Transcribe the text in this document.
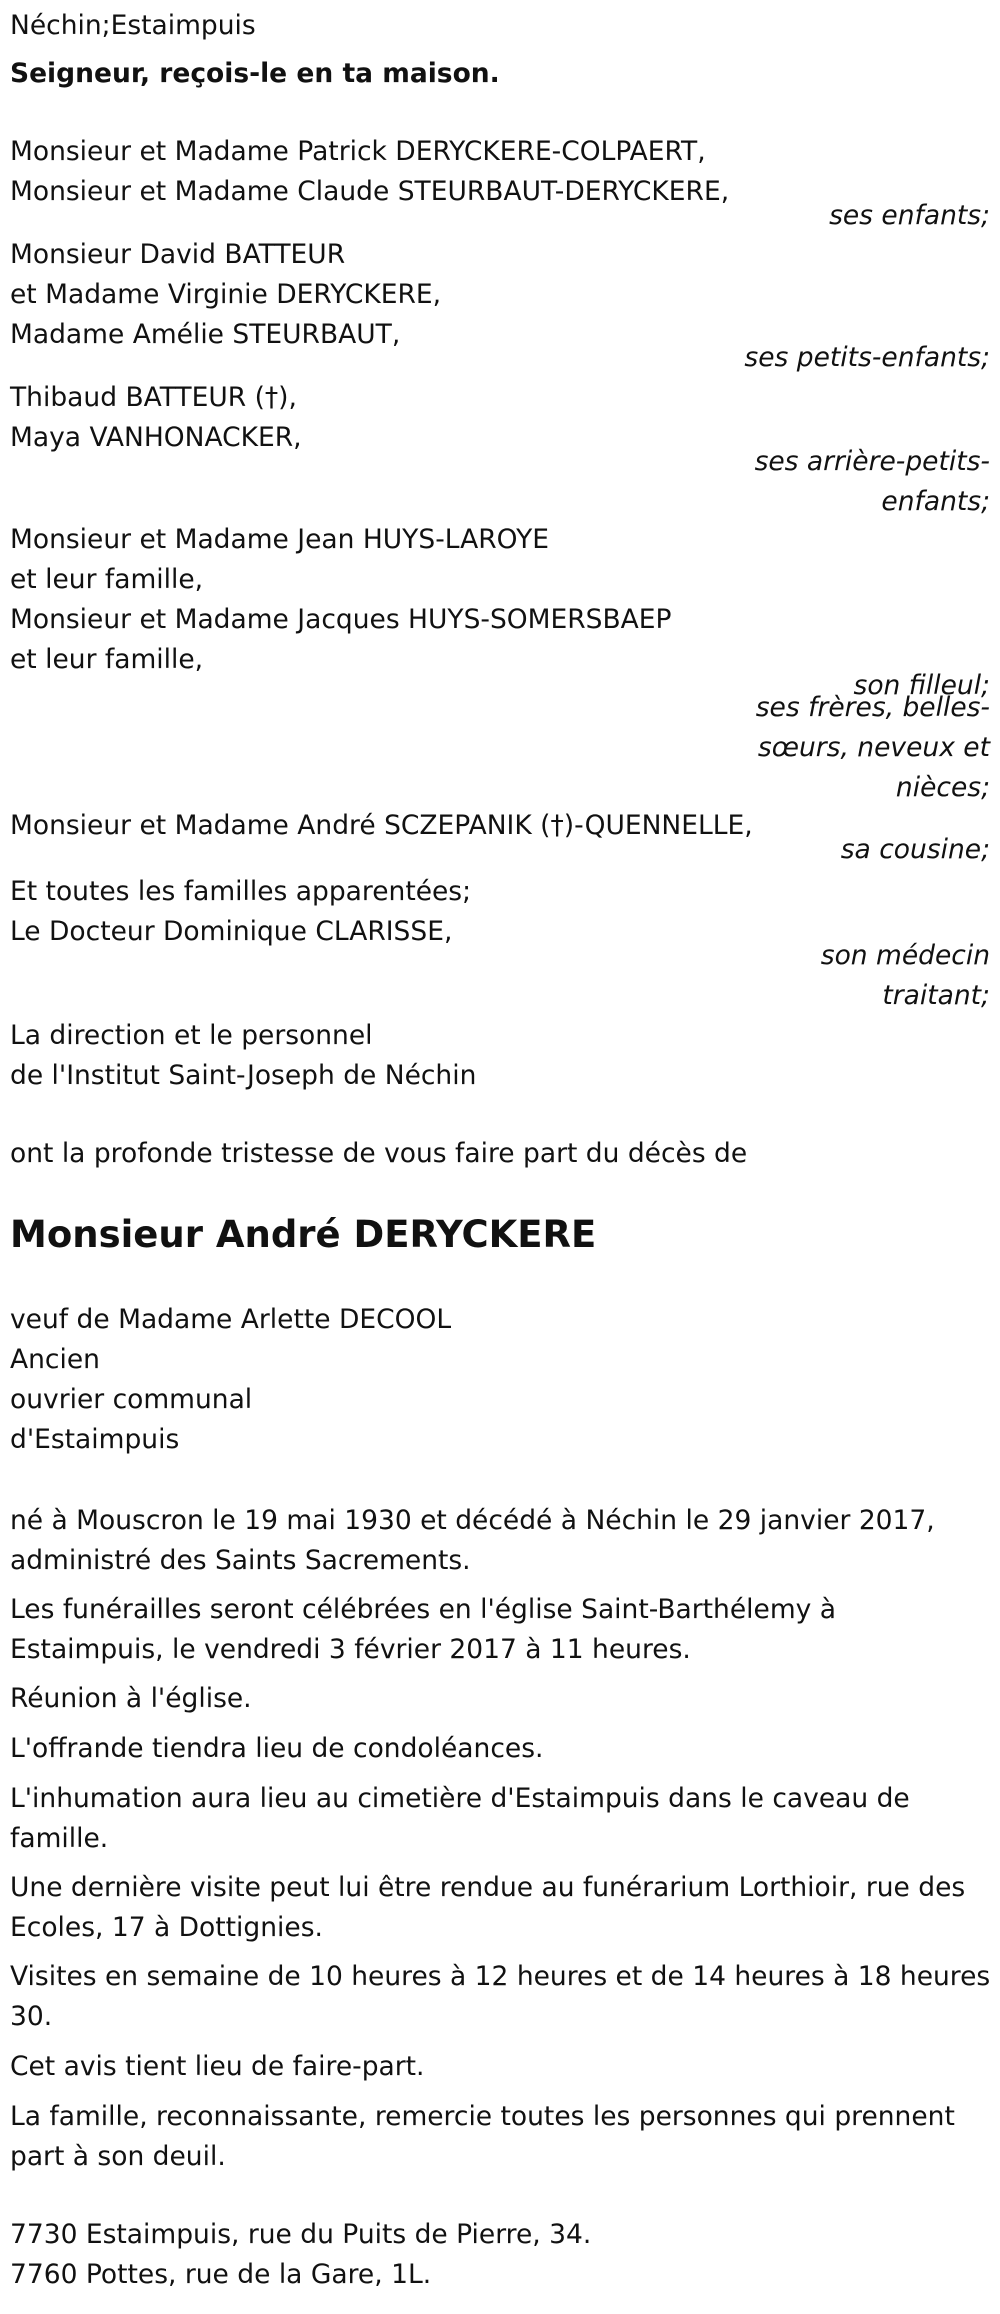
Néchin;Estaimpuis
Seigneur, reçois-le en ta maison.
Monsieur et Madame Patrick DERYCKERE-COLPAERT,
Monsieur et Madame Claude STEURBAUT-DERYCKERE,
ses enfants;
Monsieur David BATTEUR
et Madame Virginie DERYCKERE,
Madame Amélie STEURBAUT,
ses petits-enfants;
Thibaud BATTEUR (†),
Maya VANHONACKER,
ses arrière-petits-
enfants;
Monsieur et Madame Jean HUYS-LAROYE
et leur famille,
Monsieur et Madame Jacques HUYS-SOMERSBAEP
et leur famille,
son filleul;
ses frères, belles-
sœurs, neveux et
nièces;
Monsieur et Madame André SCZEPANIK (†)-QUENNELLE,
sa cousine;
Et toutes les familles apparentées;
Le Docteur Dominique CLARISSE,
son médecin
traitant;
La direction et le personnel
de l'Institut Saint-Joseph de Néchin
ont la profonde tristesse de vous faire part du décès de
Monsieur André DERYCKERE
veuf de Madame Arlette DECOOL
Ancien
ouvrier communal
d'Estaimpuis
né à Mouscron le 19 mai 1930 et décédé à Néchin le 29 janvier 2017,
administré des Saints Sacrements.
Les funérailles seront célébrées en l'église Saint-Barthélemy à
Estaimpuis, le vendredi 3 février 2017 à 11 heures.
Réunion à l'église.
L'offrande tiendra lieu de condoléances.
L'inhumation aura lieu au cimetière d'Estaimpuis dans le caveau de
famille.
Une dernière visite peut lui être rendue au funérarium Lorthioir, rue des
Ecoles, 17 à Dottignies.
Visites en semaine de 10 heures à 12 heures et de 14 heures à 18 heures
30.
Cet avis tient lieu de faire-part.
La famille, reconnaissante, remercie toutes les personnes qui prennent
part à son deuil.
7730 Estaimpuis, rue du Puits de Pierre, 34.
7760 Pottes, rue de la Gare, 1L.
